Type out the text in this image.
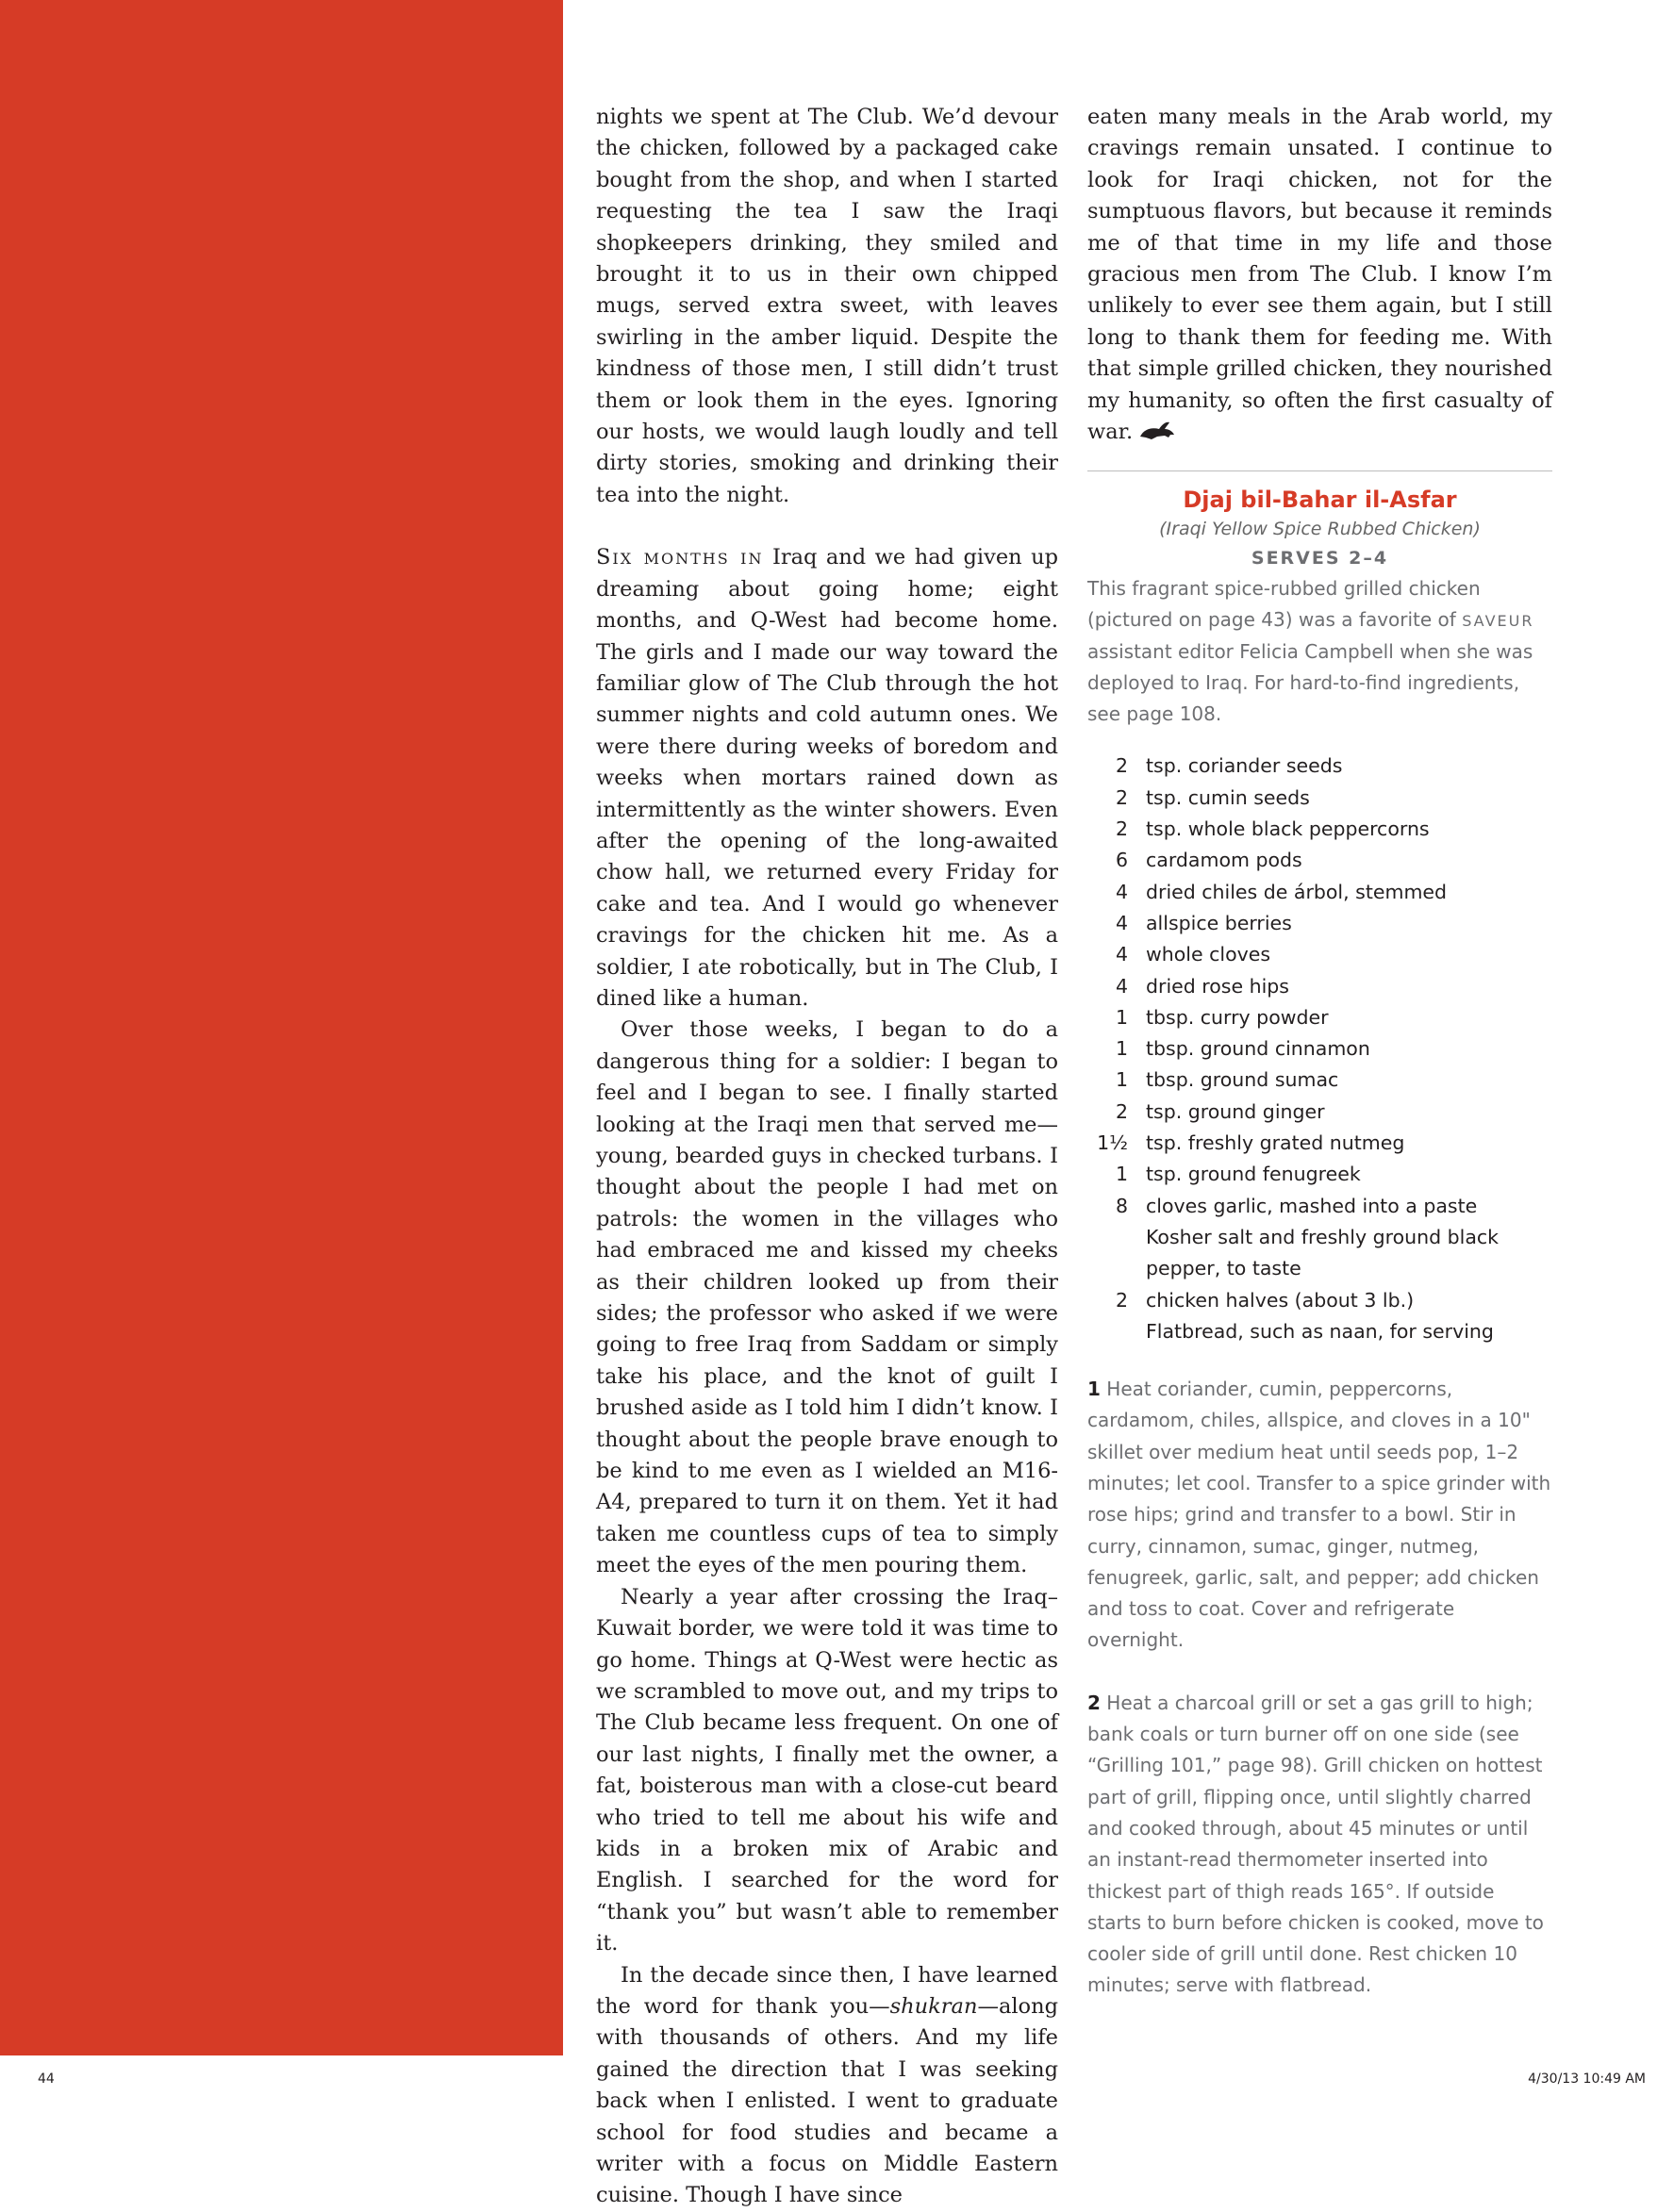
nights we spent at The Club. We’d devour the chicken, followed by a packaged cake bought from the shop, and when I started requesting the tea I saw the Iraqi shopkeepers drinking, they smiled and brought it to us in their own chipped mugs, served extra sweet, with leaves swirling in the amber liquid. Despite the kindness of those men, I still didn’t trust them or look them in the eyes. Ignoring our hosts, we would laugh loudly and tell dirty stories, smoking and drinking their tea into the night.

Six months in Iraq and we had given up dreaming about going home; eight months, and Q-West had become home. The girls and I made our way toward the familiar glow of The Club through the hot summer nights and cold autumn ones. We were there during weeks of boredom and weeks when mortars rained down as intermittently as the winter showers. Even after the opening of the long-awaited chow hall, we returned every Friday for cake and tea. And I would go whenever cravings for the chicken hit me. As a soldier, I ate robotically, but in The Club, I dined like a human.

Over those weeks, I began to do a dangerous thing for a soldier: I began to feel and I began to see. I finally started looking at the Iraqi men that served me—young, bearded guys in checked turbans. I thought about the people I had met on patrols: the women in the villages who had embraced me and kissed my cheeks as their children looked up from their sides; the professor who asked if we were going to free Iraq from Saddam or simply take his place, and the knot of guilt I brushed aside as I told him I didn’t know. I thought about the people brave enough to be kind to me even as I wielded an M16-A4, prepared to turn it on them. Yet it had taken me countless cups of tea to simply meet the eyes of the men pouring them.

Nearly a year after crossing the Iraq–Kuwait border, we were told it was time to go home. Things at Q-West were hectic as we scrambled to move out, and my trips to The Club became less frequent. On one of our last nights, I finally met the owner, a fat, boisterous man with a close-cut beard who tried to tell me about his wife and kids in a broken mix of Arabic and English. I searched for the word for “thank you” but wasn’t able to remember it.

In the decade since then, I have learned the word for thank you—shukran—along with thousands of others. And my life gained the direction that I was seeking back when I enlisted. I went to graduate school for food studies and became a writer with a focus on Middle Eastern cuisine. Though I have since

eaten many meals in the Arab world, my cravings remain unsated. I continue to look for Iraqi chicken, not for the sumptuous flavors, but because it reminds me of that time in my life and those gracious men from The Club. I know I’m unlikely to ever see them again, but I still long to thank them for feeding me. With that simple grilled chicken, they nourished my humanity, so often the first casualty of war.

Djaj bil-Bahar il-Asfar

(Iraqi Yellow Spice Rubbed Chicken)

SERVES 2–4

This fragrant spice-rubbed grilled chicken (pictured on page 43) was a favorite of SAVEUR assistant editor Felicia Campbell when she was deployed to Iraq. For hard-to-find ingredients, see page 108.

2 tsp. coriander seeds
2 tsp. cumin seeds
2 tsp. whole black peppercorns
6 cardamom pods
4 dried chiles de árbol, stemmed
4 allspice berries
4 whole cloves
4 dried rose hips
1 tbsp. curry powder
1 tbsp. ground cinnamon
1 tbsp. ground sumac
2 tsp. ground ginger
1½ tsp. freshly grated nutmeg
1 tsp. ground fenugreek
8 cloves garlic, mashed into a paste
Kosher salt and freshly ground black pepper, to taste
2 chicken halves (about 3 lb.)
Flatbread, such as naan, for serving

1 Heat coriander, cumin, peppercorns, cardamom, chiles, allspice, and cloves in a 10" skillet over medium heat until seeds pop, 1–2 minutes; let cool. Transfer to a spice grinder with rose hips; grind and transfer to a bowl. Stir in curry, cinnamon, sumac, ginger, nutmeg, fenugreek, garlic, salt, and pepper; add chicken and toss to coat. Cover and refrigerate overnight.

2 Heat a charcoal grill or set a gas grill to high; bank coals or turn burner off on one side (see “Grilling 101,” page 98). Grill chicken on hottest part of grill, flipping once, until slightly charred and cooked through, about 45 minutes or until an instant-read thermometer inserted into thickest part of thigh reads 165°. If outside starts to burn before chicken is cooked, move to cooler side of grill until done. Rest chicken 10 minutes; serve with flatbread.

44	4/30/13 10:49 AM
